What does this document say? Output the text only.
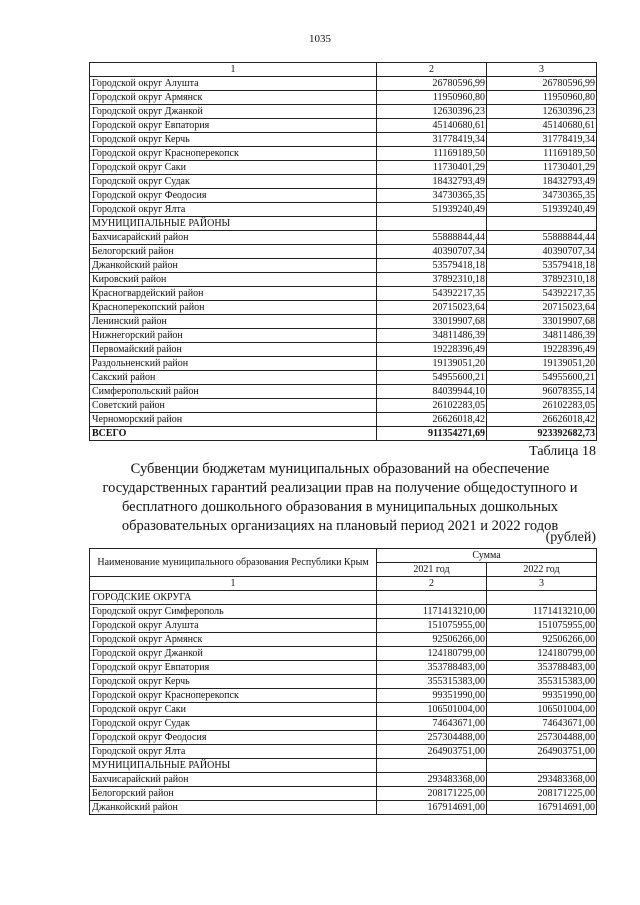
1035
1	2	3
Городской округ Алушта	26780596,99	26780596,99
Городской округ Армянск	11950960,80	11950960,80
Городской округ Джанкой	12630396,23	12630396,23
Городской округ Евпатория	45140680,61	45140680,61
Городской округ Керчь	31778419,34	31778419,34
Городской округ Красноперекопск	11169189,50	11169189,50
Городской округ Саки	11730401,29	11730401,29
Городской округ Судак	18432793,49	18432793,49
Городской округ Феодосия	34730365,35	34730365,35
Городской округ Ялта	51939240,49	51939240,49
МУНИЦИПАЛЬНЫЕ РАЙОНЫ		
Бахчисарайский район	55888844,44	55888844,44
Белогорский район	40390707,34	40390707,34
Джанкойский район	53579418,18	53579418,18
Кировский район	37892310,18	37892310,18
Красногвардейский район	54392217,35	54392217,35
Красноперекопский район	20715023,64	20715023,64
Ленинский район	33019907,68	33019907,68
Нижнегорский район	34811486,39	34811486,39
Первомайский район	19228396,49	19228396,49
Раздольненский район	19139051,20	19139051,20
Сакский район	54955600,21	54955600,21
Симферопольский район	84039944,10	96078355,14
Советский район	26102283,05	26102283,05
Черноморский район	26626018,42	26626018,42
ВСЕГО	911354271,69	923392682,73
Таблица 18
Субвенции бюджетам муниципальных образований на обеспечение государственных гарантий реализации прав на получение общедоступного и бесплатного дошкольного образования в муниципальных дошкольных образовательных организациях на плановый период 2021 и 2022 годов
(рублей)
Наименование муниципального образования Республики Крым	Сумма	
	2021 год	2022 год
1	2	3
ГОРОДСКИЕ ОКРУГА		
Городской округ Симферополь	1171413210,00	1171413210,00
Городской округ Алушта	151075955,00	151075955,00
Городской округ Армянск	92506266,00	92506266,00
Городской округ Джанкой	124180799,00	124180799,00
Городской округ Евпатория	353788483,00	353788483,00
Городской округ Керчь	355315383,00	355315383,00
Городской округ Красноперекопск	99351990,00	99351990,00
Городской округ Саки	106501004,00	106501004,00
Городской округ Судак	74643671,00	74643671,00
Городской округ Феодосия	257304488,00	257304488,00
Городской округ Ялта	264903751,00	264903751,00
МУНИЦИПАЛЬНЫЕ РАЙОНЫ		
Бахчисарайский район	293483368,00	293483368,00
Белогорский район	208171225,00	208171225,00
Джанкойский район	167914691,00	167914691,00
